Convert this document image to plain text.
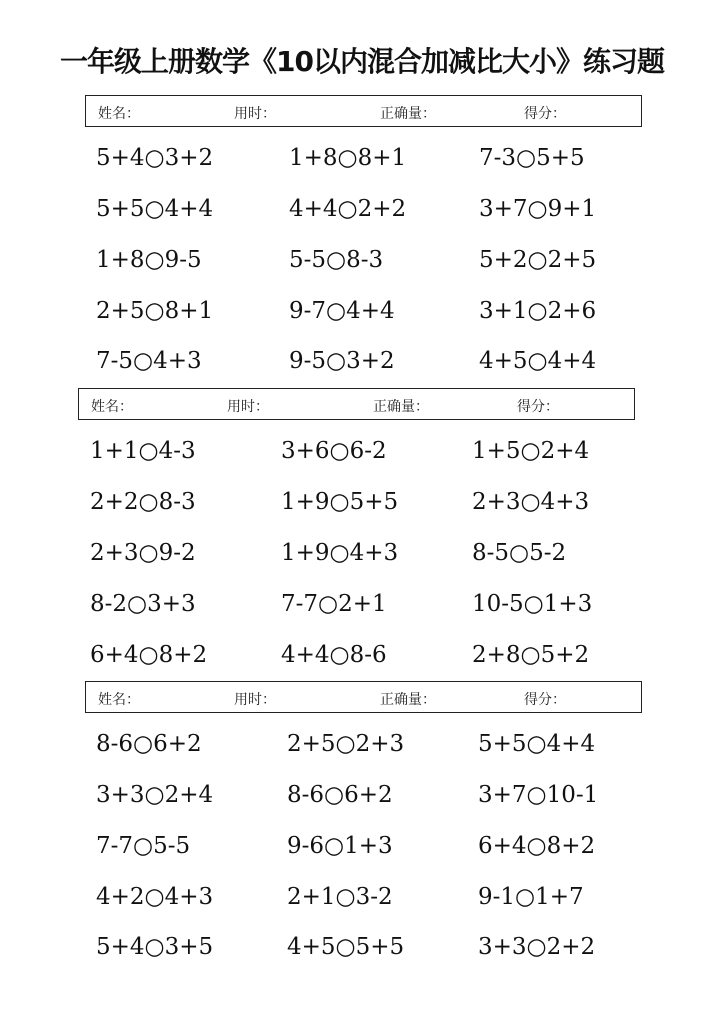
一年级上册数学《10以内混合加减比大小》练习题
姓名：	用时：	正确量：	得分：
5+4○3+2	1+8○8+1	7-3○5+5
5+5○4+4	4+4○2+2	3+7○9+1
1+8○9-5	5-5○8-3	5+2○2+5
2+5○8+1	9-7○4+4	3+1○2+6
7-5○4+3	9-5○3+2	4+5○4+4
姓名：	用时：	正确量：	得分：
1+1○4-3	3+6○6-2	1+5○2+4
2+2○8-3	1+9○5+5	2+3○4+3
2+3○9-2	1+9○4+3	8-5○5-2
8-2○3+3	7-7○2+1	10-5○1+3
6+4○8+2	4+4○8-6	2+8○5+2
姓名：	用时：	正确量：	得分：
8-6○6+2	2+5○2+3	5+5○4+4
3+3○2+4	8-6○6+2	3+7○10-1
7-7○5-5	9-6○1+3	6+4○8+2
4+2○4+3	2+1○3-2	9-1○1+7
5+4○3+5	4+5○5+5	3+3○2+2
